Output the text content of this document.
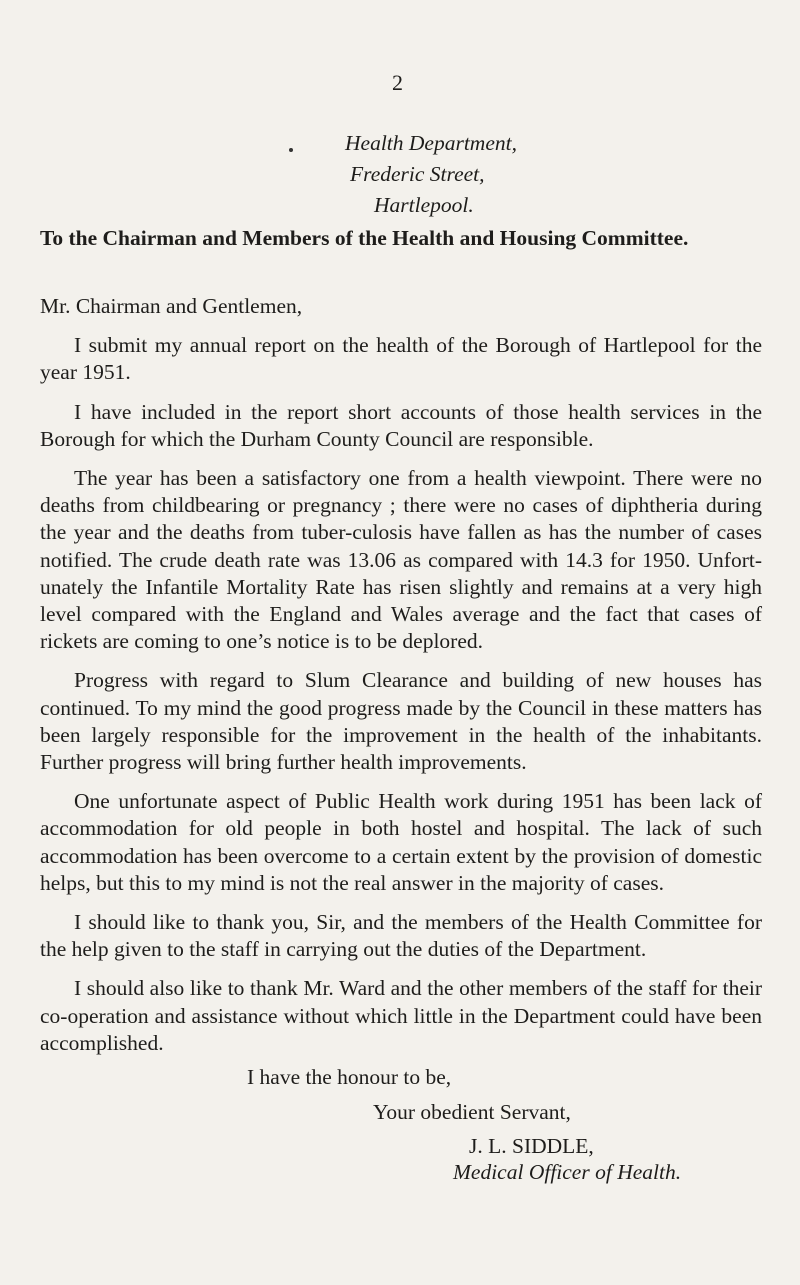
2
Health Department,
Frederic Street,
Hartlepool.
To the Chairman and Members of the Health and Housing Committee.

Mr. Chairman and Gentlemen,

I submit my annual report on the health of the Borough of Hartlepool for the year 1951.

I have included in the report short accounts of those health services in the Borough for which the Durham County Council are responsible.

The year has been a satisfactory one from a health viewpoint. There were no deaths from childbearing or pregnancy ; there were no cases of diphtheria during the year and the deaths from tuber-culosis have fallen as has the number of cases notified. The crude death rate was 13.06 as compared with 14.3 for 1950. Unfort-unately the Infantile Mortality Rate has risen slightly and remains at a very high level compared with the England and Wales average and the fact that cases of rickets are coming to one’s notice is to be deplored.

Progress with regard to Slum Clearance and building of new houses has continued. To my mind the good progress made by the Council in these matters has been largely responsible for the improvement in the health of the inhabitants. Further progress will bring further health improvements.

One unfortunate aspect of Public Health work during 1951 has been lack of accommodation for old people in both hostel and hospital. The lack of such accommodation has been overcome to a certain extent by the provision of domestic helps, but this to my mind is not the real answer in the majority of cases.

I should like to thank you, Sir, and the members of the Health Committee for the help given to the staff in carrying out the duties of the Department.

I should also like to thank Mr. Ward and the other members of the staff for their co-operation and assistance without which little in the Department could have been accomplished.

I have the honour to be,
Your obedient Servant,
J. L. SIDDLE,
Medical Officer of Health.
